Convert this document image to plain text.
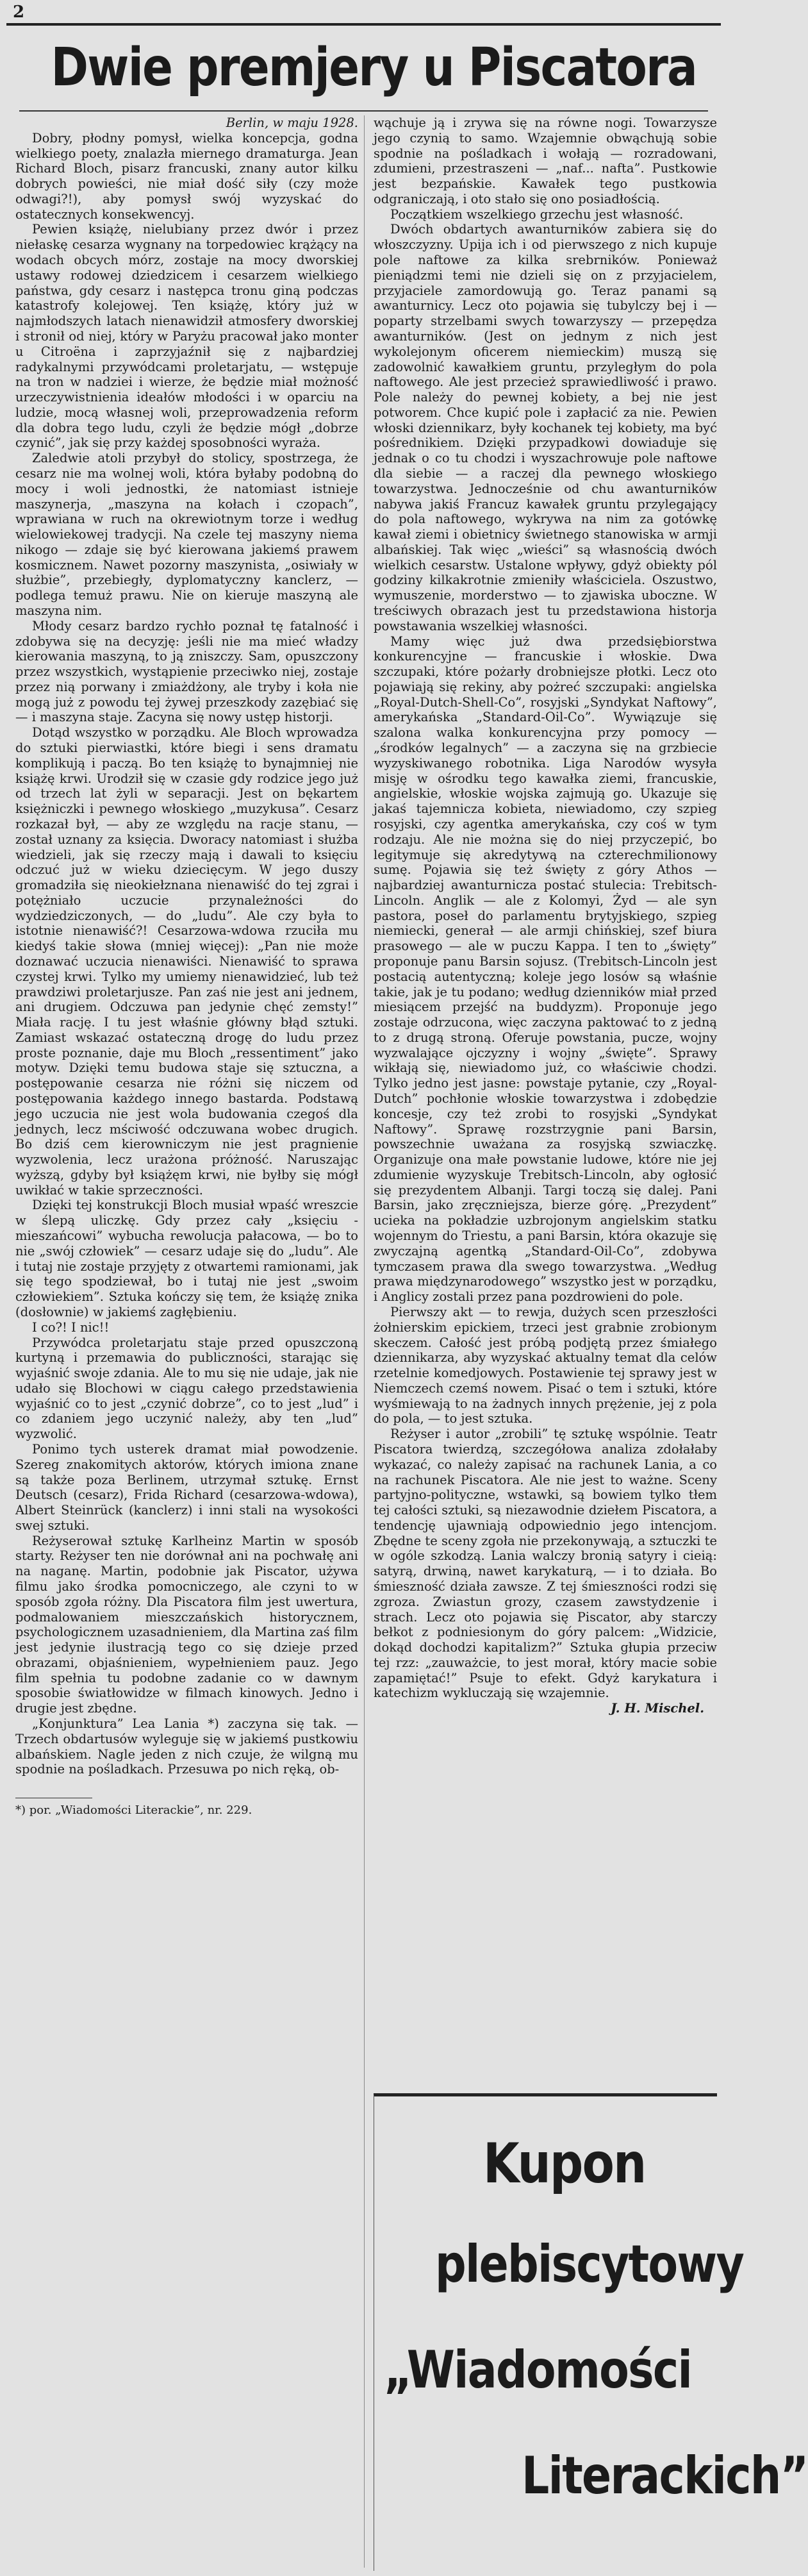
2
Dwie premjery u Piscatora

Berlin, w maju 1928.

Dobry, płodny pomysł, wielka koncepcja, godna wielkiego poety, znalazła miernego dramaturga. Jean Richard Bloch, pisarz francuski, znany autor kilku dobrych powieści, nie miał dość siły (czy może odwagi?!), aby pomysł swój wyzyskać do ostatecznych konsekwencyj.

Pewien książę, nielubiany przez dwór i przez niełaskę cesarza wygnany na torpedowiec krążący na wodach obcych mórz, zostaje na mocy dworskiej ustawy rodowej dziedzicem i cesarzem wielkiego państwa, gdy cesarz i następca tronu giną podczas katastrofy kolejowej. Ten książę, który już w najmłodszych latach nienawidził atmosfery dworskiej i stronił od niej, który w Paryżu pracował jako monter u Citroëna i zaprzyjaźnił się z najbardziej radykalnymi przywódcami proletarjatu, — wstępuje na tron w nadziei i wierze, że będzie miał możność urzeczywistnienia ideałów młodości i w oparciu na ludzie, mocą własnej woli, przeprowadzenia reform dla dobra tego ludu, czyli że będzie mógł „dobrze czynić”, jak się przy każdej sposobności wyraża.

Zaledwie atoli przybył do stolicy, spostrzega, że cesarz nie ma wolnej woli, która byłaby podobną do mocy i woli jednostki, że natomiast istnieje maszynerja, „maszyna na kołach i czopach”, wprawiana w ruch na okrewiotnym torze i według wielowiekowej tradycji. Na czele tej maszyny niema nikogo — zdaje się być kierowana jakiemś prawem kosmicznem. Nawet pozorny maszynista, „osiwiały w służbie”, przebiegły, dyplomatyczny kanclerz, — podlega temuż prawu. Nie on kieruje maszyną ale maszyna nim.

Młody cesarz bardzo rychło poznał tę fatalność i zdobywa się na decyzję: jeśli nie ma mieć władzy kierowania maszyną, to ją zniszczy. Sam, opuszczony przez wszystkich, wystąpienie przeciwko niej, zostaje przez nią porwany i zmiażdżony, ale tryby i koła nie mogą już z powodu tej żywej przeszkody zazębiać się — i maszyna staje. Zacyna się nowy ustęp historji.

Dotąd wszystko w porządku. Ale Bloch wprowadza do sztuki pierwiastki, które biegi i sens dramatu komplikują i paczą. Bo ten książę to bynajmniej nie książę krwi. Urodził się w czasie gdy rodzice jego już od trzech lat żyli w separacji. Jest on bękartem księżniczki i pewnego włoskiego „muzykusa”. Cesarz rozkazał był, — aby ze względu na racje stanu, — został uznany za księcia. Dworacy natomiast i służba wiedzieli, jak się rzeczy mają i dawali to księciu odczuć już w wieku dziecięcym. W jego duszy gromadziła się nieokiełznana nienawiść do tej zgrai i potężniało uczucie przynależności do wydziedziczonych, — do „ludu”. Ale czy była to istotnie nienawiść?! Cesarzowa-wdowa rzuciła mu kiedyś takie słowa (mniej więcej): „Pan nie może doznawać uczucia nienawiści. Nienawiść to sprawa czystej krwi. Tylko my umiemy nienawidzieć, lub też prawdziwi proletarjusze. Pan zaś nie jest ani jednem, ani drugiem. Odczuwa pan jedynie chęć zemsty!” Miała rację. I tu jest właśnie główny błąd sztuki. Zamiast wskazać ostateczną drogę do ludu przez proste poznanie, daje mu Bloch „ressentiment” jako motyw. Dzięki temu budowa staje się sztuczna, a postępowanie cesarza nie różni się niczem od postępowania każdego innego bastarda. Podstawą jego uczucia nie jest wola budowania czegoś dla jednych, lecz mściwość odczuwana wobec drugich. Bo dziś cem kierowniczym nie jest pragnienie wyzwolenia, lecz urażona próżność. Naruszając wyższą, gdyby był książęm krwi, nie byłby się mógł uwikłać w takie sprzeczności.

Dzięki tej konstrukcji Bloch musiał wpaść wreszcie w ślepą uliczkę. Gdy przez cały „księciu - mieszańcowi” wybucha rewolucja pałacowa, — bo to nie „swój człowiek” — cesarz udaje się do „ludu”. Ale i tutaj nie zostaje przyjęty z otwartemi ramionami, jak się tego spodziewał, bo i tutaj nie jest „swoim człowiekiem”. Sztuka kończy się tem, że książę znika (dosłownie) w jakiemś zagłębieniu.

I co?! I nic!!

Przywódca proletarjatu staje przed opuszczoną kurtyną i przemawia do publiczności, starając się wyjaśnić swoje zdania. Ale to mu się nie udaje, jak nie udało się Blochowi w ciągu całego przedstawienia wyjaśnić co to jest „czynić dobrze”, co to jest „lud” i co zdaniem jego uczynić należy, aby ten „lud” wyzwolić.

Ponimo tych usterek dramat miał powodzenie. Szereg znakomitych aktorów, których imiona znane są także poza Berlinem, utrzymał sztukę. Ernst Deutsch (cesarz), Frida Richard (cesarzowa-wdowa), Albert Steinrück (kanclerz) i inni stali na wysokości swej sztuki.

Reżyserował sztukę Karlheinz Martin w sposób starty. Reżyser ten nie dorównał ani na pochwałę ani na naganę. Martin, podobnie jak Piscator, używa filmu jako środka pomocniczego, ale czyni to w sposób zgoła różny. Dla Piscatora film jest uwertura, podmalowaniem mieszczańskich historycznem, psychologicznem uzasadnieniem, dla Martina zaś film jest jedynie ilustracją tego co się dzieje przed obrazami, objaśnieniem, wypełnieniem pauz. Jego film spełnia tu podobne zadanie co w dawnym sposobie światłowidze w filmach kinowych. Jedno i drugie jest zbędne.

„Konjunktura” Lea Lania *) zaczyna się tak. — Trzech obdartusów wyleguje się w jakiemś pustkowiu albańskiem. Nagle jeden z nich czuje, że wilgną mu spodnie na pośladkach. Przesuwa po nich ręką, ob-

*) por. „Wiadomości Literackie”, nr. 229.

wąchuje ją i zrywa się na równe nogi. Towarzysze jego czynią to samo. Wzajemnie obwąchują sobie spodnie na pośladkach i wołają — rozradowani, zdumieni, przestraszeni — „naf... nafta”. Pustkowie jest bezpańskie. Kawałek tego pustkowia odgraniczają, i oto stało się ono posiadłością.

Początkiem wszelkiego grzechu jest własność.

Dwóch obdartych awanturników zabiera się do włoszczyzny. Upija ich i od pierwszego z nich kupuje pole naftowe za kilka srebrników. Ponieważ pieniądzmi temi nie dzieli się on z przyjacielem, przyjaciele zamordowują go. Teraz panami są awanturnicy. Lecz oto pojawia się tubylczy bej i — poparty strzelbami swych towarzyszy — przepędza awanturników. (Jest on jednym z nich jest wykolejonym oficerem niemieckim) muszą się zadowolnić kawałkiem gruntu, przyległym do pola naftowego. Ale jest przecież sprawiedliwość i prawo. Pole należy do pewnej kobiety, a bej nie jest potworem. Chce kupić pole i zapłacić za nie. Pewien włoski dziennikarz, były kochanek tej kobiety, ma być pośrednikiem. Dzięki przypadkowi dowiaduje się jednak o co tu chodzi i wyszachrowuje pole naftowe dla siebie — a raczej dla pewnego włoskiego towarzystwa. Jednocześnie od chu awanturników nabywa jakiś Francuz kawałek gruntu przylegający do pola naftowego, wykrywa na nim za gotówkę kawał ziemi i obietnicy świetnego stanowiska w armji albańskiej. Tak więc „wieści” są własnością dwóch wielkich cesarstw. Ustalone wpływy, gdyż obiekty pól godziny kilkakrotnie zmieniły właściciela. Oszustwo, wymuszenie, morderstwo — to zjawiska uboczne. W treściwych obrazach jest tu przedstawiona historja powstawania wszelkiej własności.

Mamy więc już dwa przedsiębiorstwa konkurencyjne — francuskie i włoskie. Dwa szczupaki, które pożarły drobniejsze płotki. Lecz oto pojawiają się rekiny, aby pożreć szczupaki: angielska „Royal-Dutch-Shell-Co”, rosyjski „Syndykat Naftowy”, amerykańska „Standard-Oil-Co”. Wywiązuje się szalona walka konkurencyjna przy pomocy — „środków legalnych” — a zaczyna się na grzbiecie wyzyskiwanego robotnika. Liga Narodów wysyła misję w ośrodku tego kawałka ziemi, francuskie, angielskie, włoskie wojska zajmują go. Ukazuje się jakaś tajemnicza kobieta, niewiadomo, czy szpieg rosyjski, czy agentka amerykańska, czy coś w tym rodzaju. Ale nie można się do niej przyczepić, bo legitymuje się akredytywą na czterechmilionowy sumę. Pojawia się też święty z góry Athos — najbardziej awanturnicza postać stulecia: Trebitsch-Lincoln. Anglik — ale z Kolomyi, Żyd — ale syn pastora, poseł do parlamentu brytyjskiego, szpieg niemiecki, generał — ale armji chińskiej, szef biura prasowego — ale w puczu Kappa. I ten to „święty” proponuje panu Barsin sojusz. (Trebitsch-Lincoln jest postacią autentyczną; koleje jego losów są właśnie takie, jak je tu podano; według dzienników miał przed miesiącem przejść na buddyzm). Proponuje jego zostaje odrzucona, więc zaczyna paktować to z jedną to z drugą stroną. Oferuje powstania, pucze, wojny wyzwalające ojczyzny i wojny „święte”. Sprawy wikłają się, niewiadomo już, co właściwie chodzi. Tylko jedno jest jasne: powstaje pytanie, czy „Royal-Dutch” pochłonie włoskie towarzystwa i zdobędzie koncesje, czy też zrobi to rosyjski „Syndykat Naftowy”. Sprawę rozstrzygnie pani Barsin, powszechnie uważana za rosyjską szwiaczkę. Organizuje ona małe powstanie ludowe, które nie jej zdumienie wyzyskuje Trebitsch-Lincoln, aby ogłosić się prezydentem Albanji. Targi toczą się dalej. Pani Barsin, jako zręczniejsza, bierze górę. „Prezydent” ucieka na pokładzie uzbrojonym angielskim statku wojennym do Triestu, a pani Barsin, która okazuje się zwyczajną agentką „Standard-Oil-Co”, zdobywa tymczasem prawa dla swego towarzystwa. „Według prawa międzynarodowego” wszystko jest w porządku, i Anglicy zostali przez pana pozdrowieni do pole.

Pierwszy akt — to rewja, dużych scen przeszłości żołnierskim epickiem, trzeci jest grabnie zrobionym skeczem. Całość jest próbą podjętą przez śmiałego dziennikarza, aby wyzyskać aktualny temat dla celów rzetelnie komedjowych. Postawienie tej sprawy jest w Niemczech czemś nowem. Pisać o tem i sztuki, które wyśmiewają to na żadnych innych prężenie, jej z pola do pola, — to jest sztuka.

Reżyser i autor „zrobili” tę sztukę wspólnie. Teatr Piscatora twierdzą, szczegółowa analiza zdołałaby wykazać, co należy zapisać na rachunek Lania, a co na rachunek Piscatora. Ale nie jest to ważne. Sceny partyjno-polityczne, wstawki, są bowiem tylko tłem tej całości sztuki, są niezawodnie dziełem Piscatora, a tendencję ujawniają odpowiednio jego intencjom. Zbędne te sceny zgoła nie przekonywają, a sztuczki te w ogóle szkodzą. Lania walczy bronią satyry i cieią: satyrą, drwiną, nawet karykaturą, — i to działa. Bo śmieszność działa zawsze. Z tej śmieszności rodzi się zgroza. Zwiastun grozy, czasem zawstydzenie i strach. Lecz oto pojawia się Piscator, aby starczy bełkot z podniesionym do góry palcem: „Widzicie, dokąd dochodzi kapitalizm?” Sztuka głupia przeciw tej rzz: „zauważcie, to jest morał, który macie sobie zapamiętać!” Psuje to efekt. Gdyż karykatura i katechizm wykluczają się wzajemnie.

J. H. Mischel.

Kupon
plebiscytowy
„Wiadomości
Literackich”
